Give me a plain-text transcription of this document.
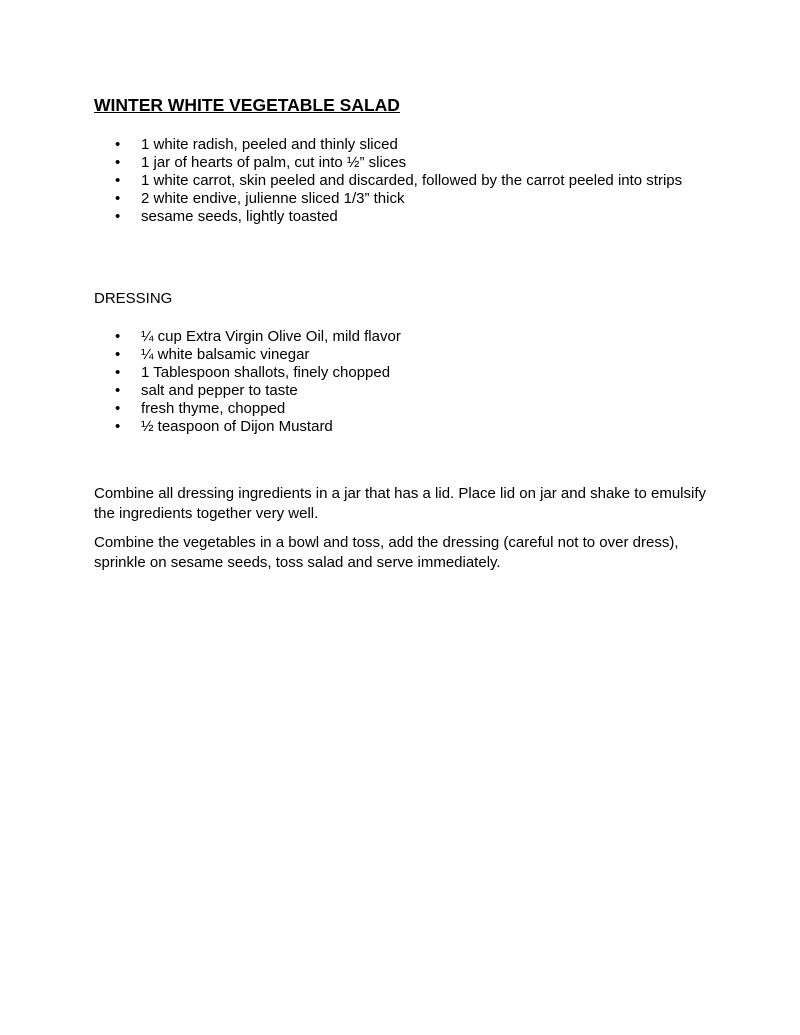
WINTER WHITE VEGETABLE SALAD
• 1 white radish, peeled and thinly sliced
• 1 jar of hearts of palm, cut into ½” slices
• 1 white carrot, skin peeled and discarded, followed by the carrot peeled into strips
• 2 white endive, julienne sliced 1/3” thick
• sesame seeds, lightly toasted
DRESSING
• ¼ cup Extra Virgin Olive Oil, mild flavor
• ¼ white balsamic vinegar
• 1 Tablespoon shallots, finely chopped
• salt and pepper to taste
• fresh thyme, chopped
• ½ teaspoon of Dijon Mustard

Combine all dressing ingredients in a jar that has a lid. Place lid on jar and shake to emulsify the ingredients together very well.

Combine the vegetables in a bowl and toss, add the dressing (careful not to over dress), sprinkle on sesame seeds, toss salad and serve immediately.
